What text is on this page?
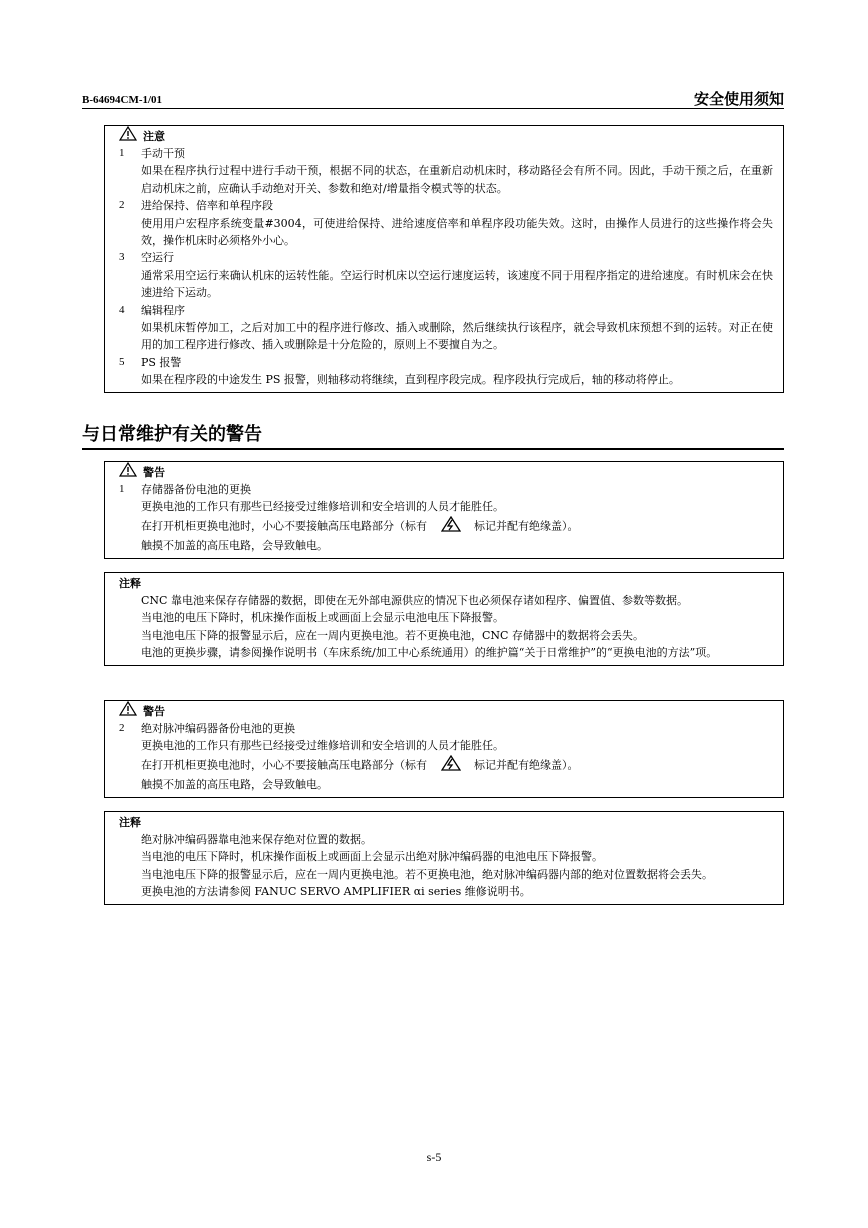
B-64694CM-1/01	安全使用须知
注意
1	手动干预
如果在程序执行过程中进行手动干预，根据不同的状态，在重新启动机床时，移动路径会有所不同。因此，手动干预之后，在重新启动机床之前，应确认手动绝对开关、参数和绝对/增量指令模式等的状态。
2	进给保持、倍率和单程序段
使用用户宏程序系统变量#3004，可使进给保持、进给速度倍率和单程序段功能失效。这时，由操作人员进行的这些操作将会失效，操作机床时必须格外小心。
3	空运行
通常采用空运行来确认机床的运转性能。空运行时机床以空运行速度运转，该速度不同于用程序指定的进给速度。有时机床会在快速进给下运动。
4	编辑程序
如果机床暂停加工，之后对加工中的程序进行修改、插入或删除，然后继续执行该程序，就会导致机床预想不到的运转。对正在使用的加工程序进行修改、插入或删除是十分危险的，原则上不要擅自为之。
5	PS 报警
如果在程序段的中途发生 PS 报警，则轴移动将继续，直到程序段完成。程序段执行完成后，轴的移动将停止。
与日常维护有关的警告
警告
1	存储器备份电池的更换
更换电池的工作只有那些已经接受过维修培训和安全培训的人员才能胜任。
在打开机柜更换电池时，小心不要接触高压电路部分（标有	标记并配有绝缘盖）。
触摸不加盖的高压电路，会导致触电。
注释
CNC 靠电池来保存存储器的数据，即使在无外部电源供应的情况下也必须保存诸如程序、偏置值、参数等数据。
当电池的电压下降时，机床操作面板上或画面上会显示电池电压下降报警。
当电池电压下降的报警显示后，应在一周内更换电池。若不更换电池，CNC 存储器中的数据将会丢失。
电池的更换步骤，请参阅操作说明书（车床系统/加工中心系统通用）的维护篇“关于日常维护”的“更换电池的方法”项。
警告
2	绝对脉冲编码器备份电池的更换
更换电池的工作只有那些已经接受过维修培训和安全培训的人员才能胜任。
在打开机柜更换电池时，小心不要接触高压电路部分（标有	标记并配有绝缘盖）。
触摸不加盖的高压电路，会导致触电。
注释
绝对脉冲编码器靠电池来保存绝对位置的数据。
当电池的电压下降时，机床操作面板上或画面上会显示出绝对脉冲编码器的电池电压下降报警。
当电池电压下降的报警显示后，应在一周内更换电池。若不更换电池，绝对脉冲编码器内部的绝对位置数据将会丢失。
更换电池的方法请参阅 FANUC SERVO AMPLIFIER αi series 维修说明书。
s-5
